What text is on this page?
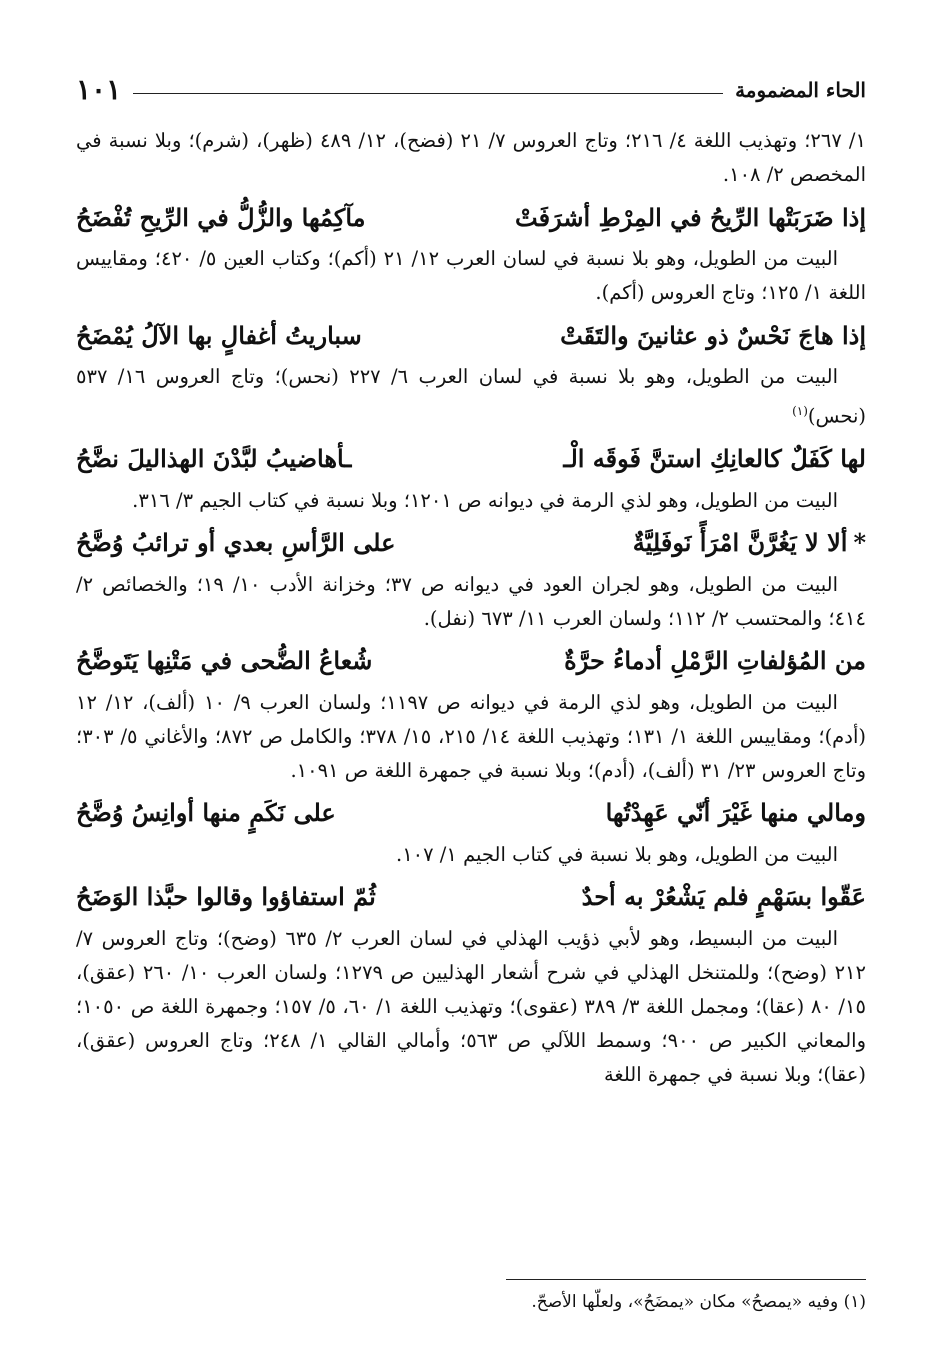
الحاء المضمومة
١٠١

١/ ٢٦٧؛ وتهذيب اللغة ٤/ ٢١٦؛ وتاج العروس ٧/ ٢١ (فضح)، ١٢/ ٤٨٩ (ظهر)، (شرم)؛ وبلا نسبة في المخصص ٢/ ١٠٨.

إذا ضَرَبَتْها الرِّيحُ في المِرْطِ أشرَفَتْ
مآكِمُها والزُّلُّ في الرِّيحِ تُفْضَحُ

البيت من الطويل، وهو بلا نسبة في لسان العرب ١٢/ ٢١ (أكم)؛ وكتاب العين ٥/ ٤٢٠؛ ومقاييس اللغة ١/ ١٢٥؛ وتاج العروس (أكم).

إذا هاجَ نَحْسٌ ذو عثانينَ والتَقَتْ
سباريتُ أغفالٍ بها الآلُ يُمْضَحُ

البيت من الطويل، وهو بلا نسبة في لسان العرب ٦/ ٢٢٧ (نحس)؛ وتاج العروس ١٦/ ٥٣٧ (نحس)$^{(١)}$

لها كَفَلٌ كالعانِكِ استنَّ فَوقَه الْـ
ـأهاضيبُ لبَّدْنَ الهذاليلَ نضَّحُ

البيت من الطويل، وهو لذي الرمة في ديوانه ص ١٢٠١؛ وبلا نسبة في كتاب الجيم ٣/ ٣١٦.

*ألا لا يَغُرَّنَّ امْرَأً نَوفَلِيَّةٌ
على الرَّأسِ بعدي أو ترائبُ وُضَّحُ

البيت من الطويل، وهو لجران العود في ديوانه ص ٣٧؛ وخزانة الأدب ١٠/ ١٩؛ والخصائص ٢/ ٤١٤؛ والمحتسب ٢/ ١١٢؛ ولسان العرب ١١/ ٦٧٣ (نفل).

من المُؤلفاتِ الرَّمْلِ أدماءُ حرَّةٌ
شُعاعُ الضُّحى في مَتْنِها يَتَوضَّحُ

البيت من الطويل، وهو لذي الرمة في ديوانه ص ١١٩٧؛ ولسان العرب ٩/ ١٠ (ألف)، ١٢/ ١٢ (أدم)؛ ومقاييس اللغة ١/ ١٣١؛ وتهذيب اللغة ١٤/ ٢١٥، ١٥/ ٣٧٨؛ والكامل ص ٨٧٢؛ والأغاني ٥/ ٣٠٣؛ وتاج العروس ٢٣/ ٣١ (ألف)، (أدم)؛ وبلا نسبة في جمهرة اللغة ص ١٠٩١.

ومالي منها غَيْرَ أنّي عَهِدْتُها
على نَكَمٍ منها أوانِسُ وُضَّحُ

البيت من الطويل، وهو بلا نسبة في كتاب الجيم ١/ ١٠٧.

عَقّوا بسَهْمٍ فلم يَشْعُرْ به أحدٌ
ثُمّ استفاؤوا وقالوا حبَّذا الوَضَحُ

البيت من البسيط، وهو لأبي ذؤيب الهذلي في لسان العرب ٢/ ٦٣٥ (وضح)؛ وتاج العروس ٧/ ٢١٢ (وضح)؛ وللمتنخل الهذلي في شرح أشعار الهذليين ص ١٢٧٩؛ ولسان العرب ١٠/ ٢٦٠ (عقق)، ١٥/ ٨٠ (عقا)؛ ومجمل اللغة ٣/ ٣٨٩ (عقوى)؛ وتهذيب اللغة ١/ ٦٠، ٥/ ١٥٧؛ وجمهرة اللغة ص ١٠٥٠؛ والمعاني الكبير ص ٩٠٠؛ وسمط اللآلي ص ٥٦٣؛ وأمالي القالي ١/ ٢٤٨؛ وتاج العروس (عقق)، (عقا)؛ وبلا نسبة في جمهرة اللغة

(١) وفيه «يمصحُ» مكان «يمضَحُ»، ولعلّها الأصحّ.
